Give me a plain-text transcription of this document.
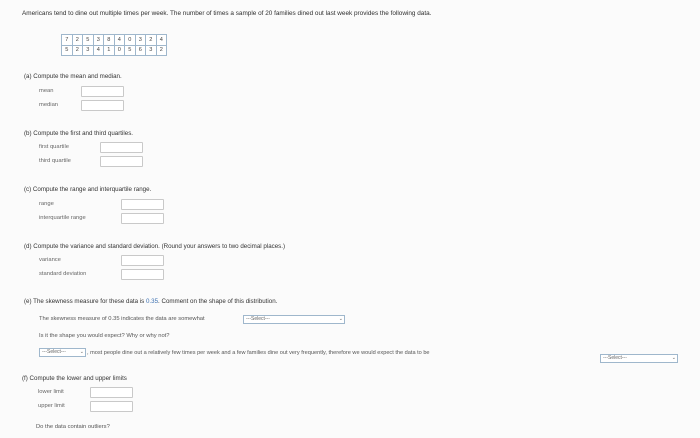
Americans tend to dine out multiple times per week. The number of times a sample of 20 families dined out last week provides the following data.
7	2	5	3	8	4	0	3	2	4
5	2	3	4	1	0	5	6	3	2
(a) Compute the mean and median.
mean
median
(b) Compute the first and third quartiles.
first quartile
third quartile
(c) Compute the range and interquartile range.
range
interquartile range
(d) Compute the variance and standard deviation. (Round your answers to two decimal places.)
variance
standard deviation
(e) The skewness measure for these data is 0.35. Comment on the shape of this distribution.
The skewness measure of 0.35 indicates the data are somewhat	---Select---	⌄
Is it the shape you would expect? Why or why not?
---Select---	⌄ , most people dine out a relatively few times per week and a few families dine out very frequently, therefore we would expect the data to be
---Select---	⌄
(f) Compute the lower and upper limits
lower limit
upper limit
Do the data contain outliers?
